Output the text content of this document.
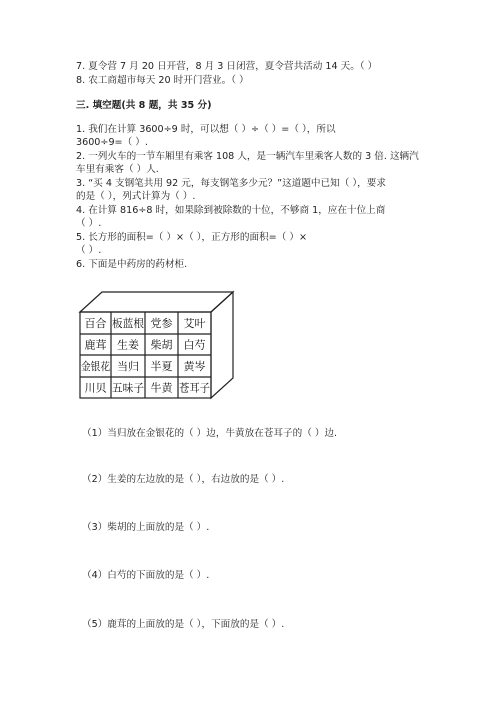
7. 夏令营 7 月 20 日开营，8 月 3 日闭营，夏令营共活动 14 天。（ ）
8. 农工商超市每天 20 时开门营业。（ ）
三. 填空题(共 8 题，共 35 分)
1. 我们在计算 3600÷9 时，可以想（ ）÷（ ）=（ ），所以
3600÷9=（ ）.
2. 一列火车的一节车厢里有乘客 108 人，是一辆汽车里乘客人数的 3 倍. 这辆汽
车里有乘客（ ）人.
3. “买 4 支钢笔共用 92 元，每支钢笔多少元？”这道题中已知（ ），要求
的是（ ），列式计算为（ ）.
4. 在计算 816÷8 时，如果除到被除数的十位，不够商 1，应在十位上商
（ ）.
5. 长方形的面积=（ ）×（ ），正方形的面积=（ ）×
（ ）.
6. 下面是中药房的药材柜.
百合 板蓝根 党参 艾叶
鹿茸 生姜 柴胡 白芍
金银花 当归 半夏 黄岑
川贝 五味子 牛黄 苍耳子
（1）当归放在金银花的（ ）边，牛黄放在苍耳子的（ ）边.
（2）生姜的左边放的是（ ），右边放的是（ ）.
（3）柴胡的上面放的是（ ）.
（4）白芍的下面放的是（ ）.
（5）鹿茸的上面放的是（ ），下面放的是（ ）.
